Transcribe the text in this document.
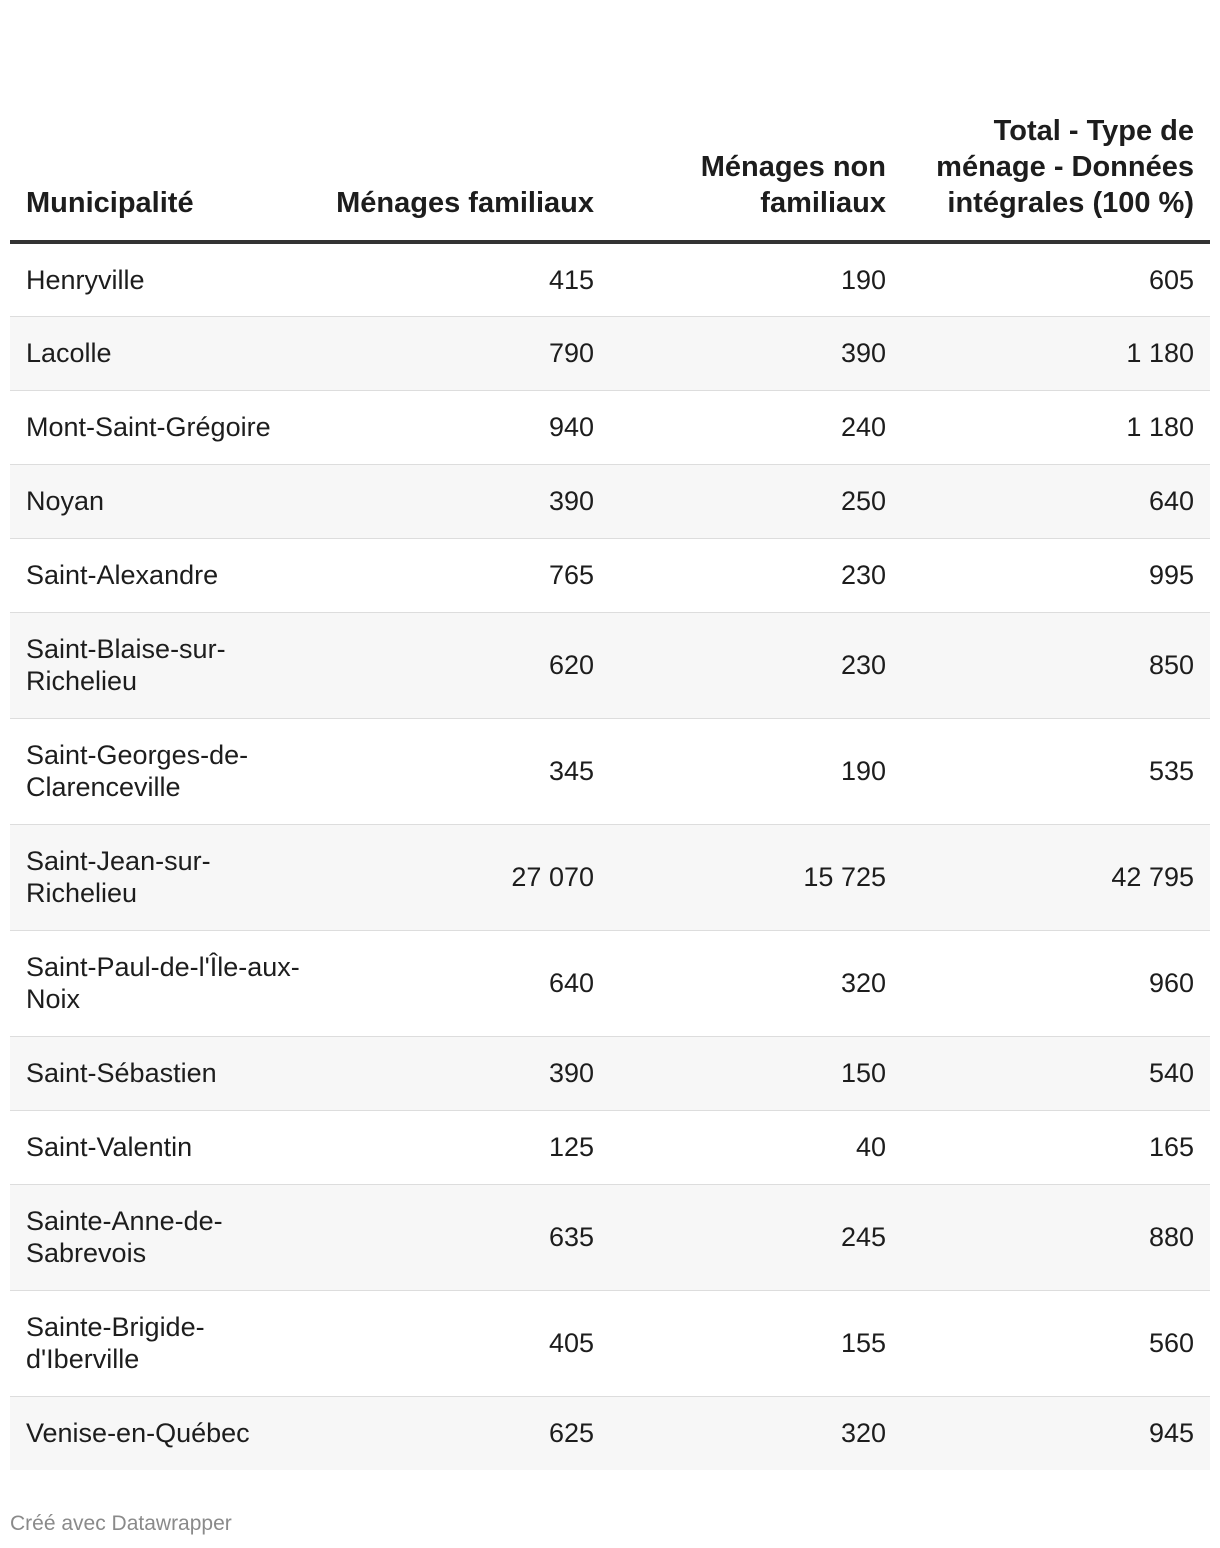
Municipalité	Ménages familiaux	Ménages non familiaux	Total - Type de ménage - Données intégrales (100 %)

Henryville	415	190	605

Lacolle	790	390	1 180

Mont-Saint-Grégoire	940	240	1 180

Noyan	390	250	640

Saint-Alexandre	765	230	995

Saint-Blaise-sur-Richelieu	620	230	850

Saint-Georges-de-Clarenceville	345	190	535

Saint-Jean-sur-Richelieu	27 070	15 725	42 795

Saint-Paul-de-l'Île-aux-Noix	640	320	960

Saint-Sébastien	390	150	540

Saint-Valentin	125	40	165

Sainte-Anne-de-Sabrevois	635	245	880

Sainte-Brigide-d'Iberville	405	155	560

Venise-en-Québec	625	320	945
Créé avec Datawrapper
